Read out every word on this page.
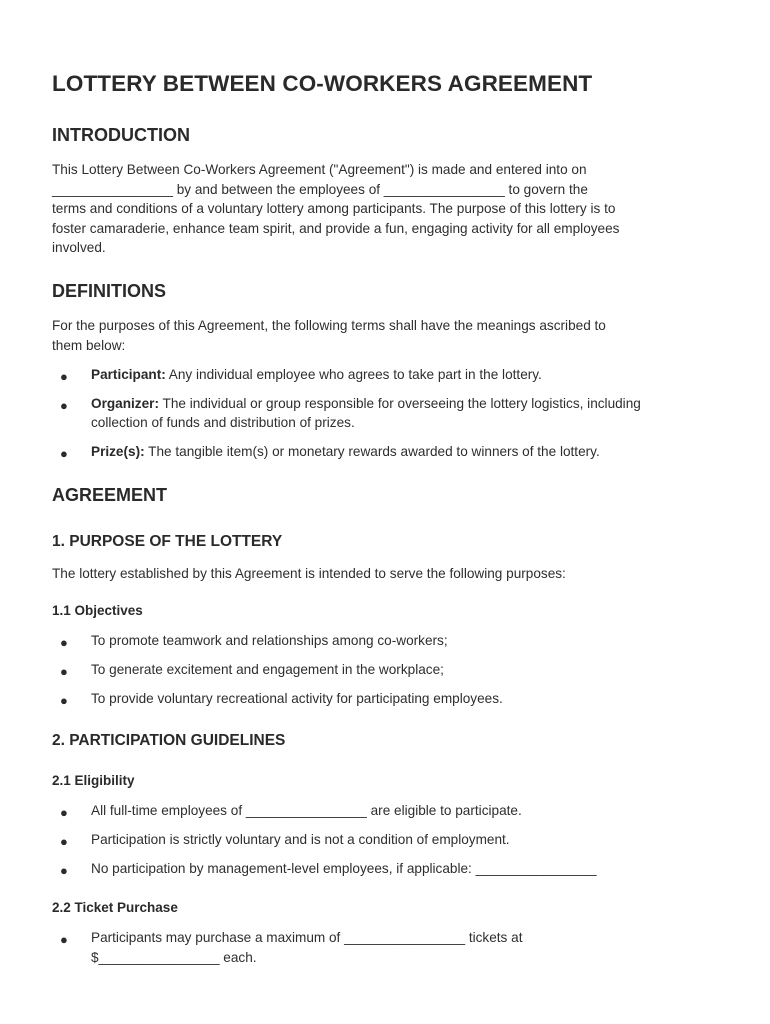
LOTTERY BETWEEN CO-WORKERS AGREEMENT
INTRODUCTION

This Lottery Between Co-Workers Agreement ("Agreement") is made and entered into on
________________ by and between the employees of ________________ to govern the
terms and conditions of a voluntary lottery among participants. The purpose of this lottery is to
foster camaraderie, enhance team spirit, and provide a fun, engaging activity for all employees
involved.

DEFINITIONS

For the purposes of this Agreement, the following terms shall have the meanings ascribed to
them below:

● Participant: Any individual employee who agrees to take part in the lottery.
● Organizer: The individual or group responsible for overseeing the lottery logistics, including
collection of funds and distribution of prizes.
● Prize(s): The tangible item(s) or monetary rewards awarded to winners of the lottery.
AGREEMENT
1. PURPOSE OF THE LOTTERY

The lottery established by this Agreement is intended to serve the following purposes:

1.1 Objectives
● To promote teamwork and relationships among co-workers;
● To generate excitement and engagement in the workplace;
● To provide voluntary recreational activity for participating employees.
2. PARTICIPATION GUIDELINES
2.1 Eligibility
● All full-time employees of ________________ are eligible to participate.
● Participation is strictly voluntary and is not a condition of employment.
● No participation by management-level employees, if applicable: ________________
2.2 Ticket Purchase
● Participants may purchase a maximum of ________________ tickets at
$________________ each.
